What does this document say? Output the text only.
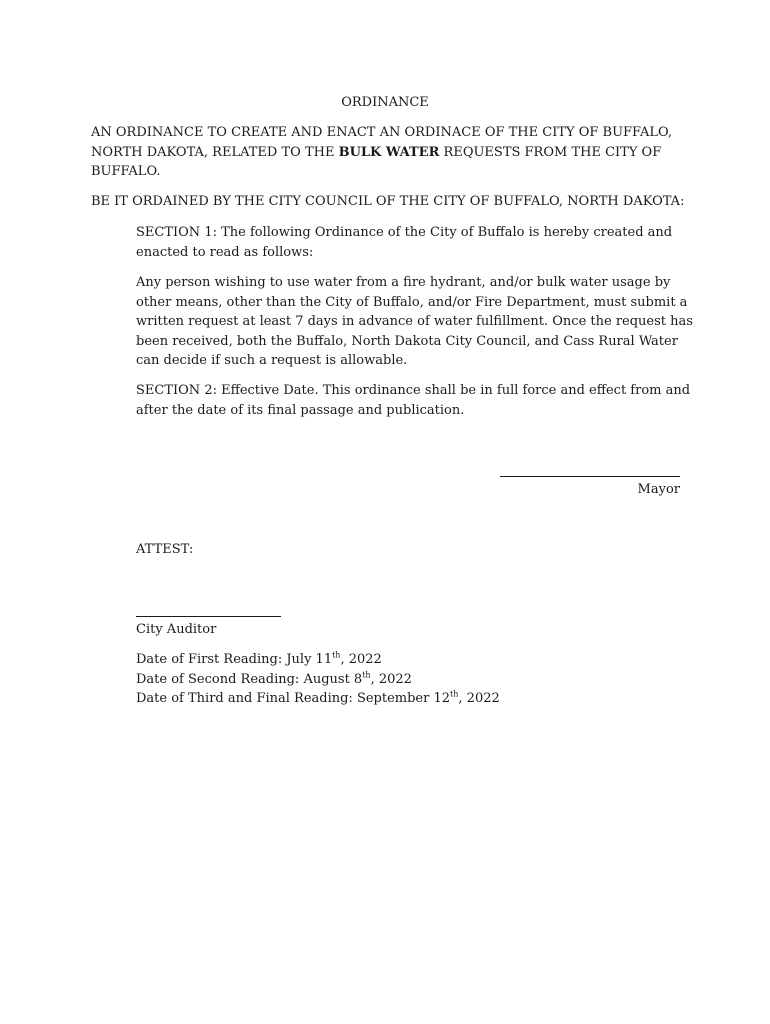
ORDINANCE

AN ORDINANCE TO CREATE AND ENACT AN ORDINACE OF THE CITY OF BUFFALO, NORTH DAKOTA, RELATED TO THE BULK WATER REQUESTS FROM THE CITY OF BUFFALO.

BE IT ORDAINED BY THE CITY COUNCIL OF THE CITY OF BUFFALO, NORTH DAKOTA:

SECTION 1: The following Ordinance of the City of Buffalo is hereby created and enacted to read as follows:

Any person wishing to use water from a fire hydrant, and/or bulk water usage by other means, other than the City of Buffalo, and/or Fire Department, must submit a written request at least 7 days in advance of water fulfillment. Once the request has been received, both the Buffalo, North Dakota City Council, and Cass Rural Water can decide if such a request is allowable.

SECTION 2: Effective Date. This ordinance shall be in full force and effect from and after the date of its final passage and publication.

Mayor
ATTEST:
City Auditor
Date of First Reading: July 11th, 2022
Date of Second Reading: August 8th, 2022
Date of Third and Final Reading: September 12th, 2022
